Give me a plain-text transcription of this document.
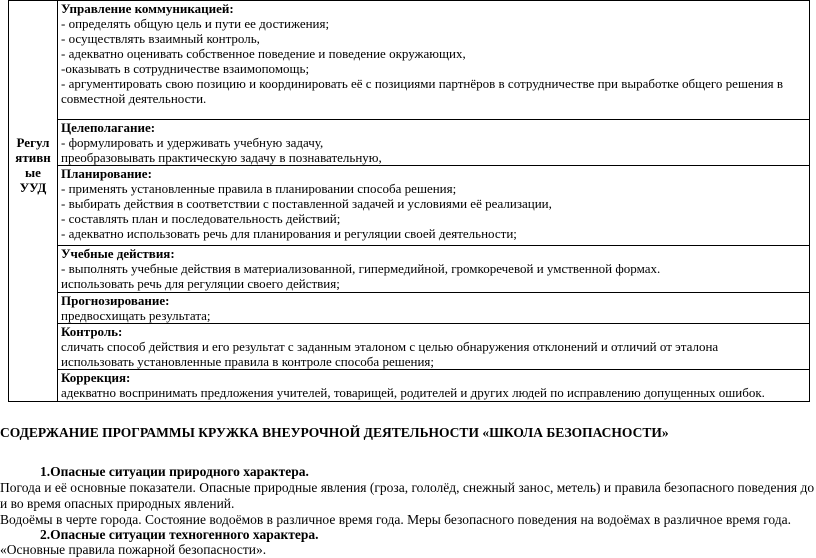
Регул
ятивн
ые
УУД

Управление коммуникацией:
- определять общую цель и пути ее достижения;
- осуществлять взаимный контроль,
- адекватно оценивать собственное поведение и поведение окружающих,
-оказывать в сотрудничестве взаимопомощь;
- аргументировать свою позицию и координировать её с позициями партнёров в сотрудничестве при выработке общего решения в совместной деятельности.

Целеполагание:
- формулировать и удерживать учебную задачу,
преобразовывать практическую задачу в познавательную,

Планирование:
- применять установленные правила в планировании способа решения;
- выбирать действия в соответствии с поставленной задачей и условиями её реализации,
- составлять план и последовательность действий;
- адекватно использовать речь для планирования и регуляции своей деятельности;

Учебные действия:
- выполнять учебные действия в материализованной, гипермедийной, громкоречевой и умственной формах.
использовать речь для регуляции своего действия;

Прогнозирование:
предвосхищать результата;

Контроль:
сличать способ действия и его результат с заданным эталоном с целью обнаружения отклонений и отличий от эталона
использовать установленные правила в контроле способа решения;

Коррекция:
адекватно воспринимать предложения учителей, товарищей, родителей и других людей по исправлению допущенных ошибок.
СОДЕРЖАНИЕ ПРОГРАММЫ КРУЖКА ВНЕУРОЧНОЙ ДЕЯТЕЛЬНОСТИ «ШКОЛА БЕЗОПАСНОСТИ»
1.Опасные ситуации природного характера.
Погода и её основные показатели. Опасные природные явления (гроза, гололёд, снежный занос, метель) и правила безопасного поведения до и во время опасных природных явлений.
Водоёмы в черте города. Состояние водоёмов в различное время года. Меры безопасного поведения на водоёмах в различное время года.
2.Опасные ситуации техногенного характера.
«Основные правила пожарной безопасности».
